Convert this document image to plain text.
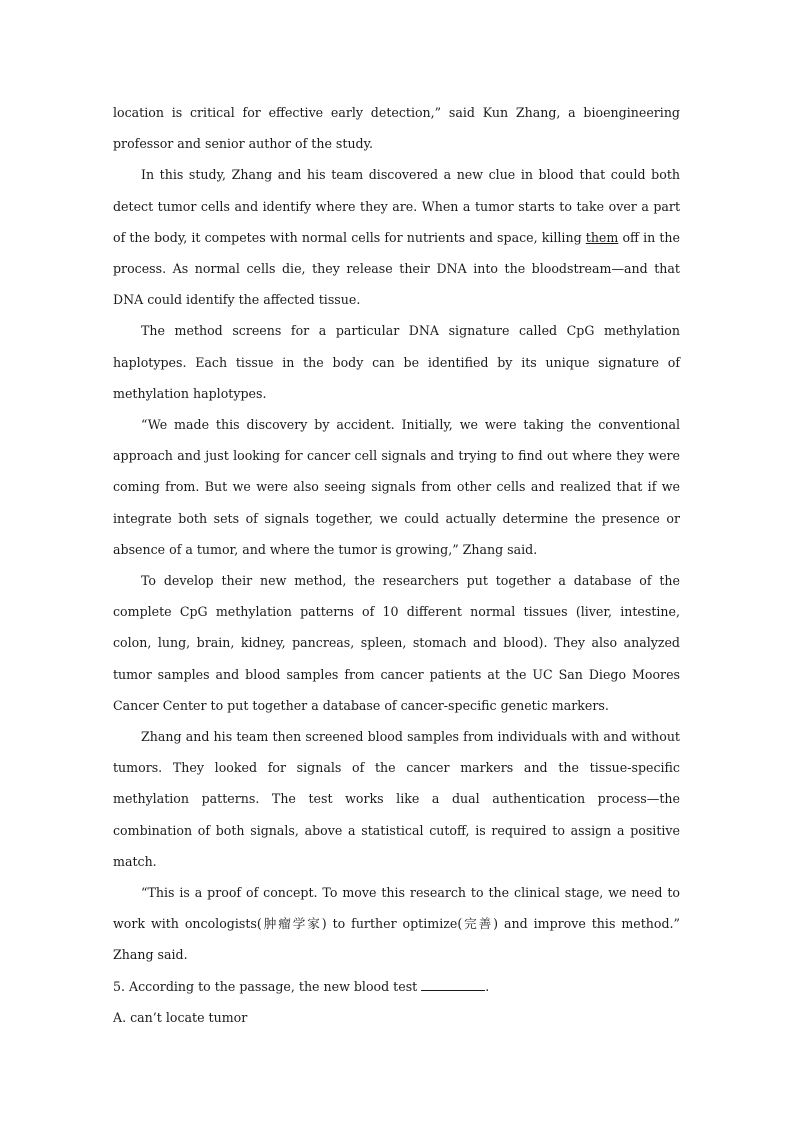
location is critical for effective early detection,” said Kun Zhang, a bioengineering professor and senior author of the study.

In this study, Zhang and his team discovered a new clue in blood that could both detect tumor cells and identify where they are. When a tumor starts to take over a part of the body, it competes with normal cells for nutrients and space, killing them off in the process. As normal cells die, they release their DNA into the bloodstream—and that DNA could identify the affected tissue.

The method screens for a particular DNA signature called CpG methylation haplotypes. Each tissue in the body can be identified by its unique signature of methylation haplotypes.

“We made this discovery by accident. Initially, we were taking the conventional approach and just looking for cancer cell signals and trying to find out where they were coming from. But we were also seeing signals from other cells and realized that if we integrate both sets of signals together, we could actually determine the presence or absence of a tumor, and where the tumor is growing,” Zhang said.

To develop their new method, the researchers put together a database of the complete CpG methylation patterns of 10 different normal tissues (liver, intestine, colon, lung, brain, kidney, pancreas, spleen, stomach and blood). They also analyzed tumor samples and blood samples from cancer patients at the UC San Diego Moores Cancer Center to put together a database of cancer-specific genetic markers.

Zhang and his team then screened blood samples from individuals with and without tumors. They looked for signals of the cancer markers and the tissue-specific methylation patterns. The test works like a dual authentication process—the combination of both signals, above a statistical cutoff, is required to assign a positive match.

“This is a proof of concept. To move this research to the clinical stage, we need to work with oncologists(肿瘤学家) to further optimize(完善) and improve this method.” Zhang said.

5. According to the passage, the new blood test	.

A. can’t locate tumor
